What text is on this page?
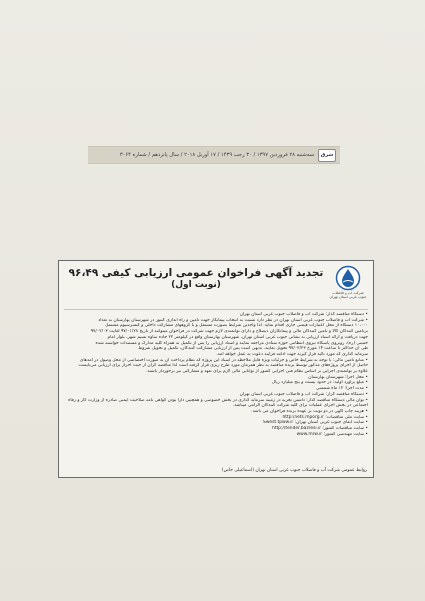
شرق
سه‌شنبه ۲۸ فروردین ۱۳۹۷ / ۳۰ رجب ۱۴۳۹ / ۱۷ آوریل ۲۰۱۸ / سال پانزدهم / شماره ۳۰۶۴
شرکت آب و فاضلاب جنوب غربی استان تهران
تجدید آگهی فراخوان عمومی ارزیابی کیفی ۹۶،۴۹
(نوبت اول)
• دستگاه مناقصه گذار: شرکت آب و فاضلاب جنوب غربی استان تهران
• شرکت آب و فاضلاب جنوب غربی استان تهران در نظر دارد نسبت به انتخاب پیمانکار جهت تامین و راه اندازی کنتور در شهرستان بهارستان به تعداد
۱۰،۰۰۰ دستگاه از محل اعتبارات قیمتی جاری اقدام نماید. لذا واجدین شرایط بصورت مستقل و یا گروههای مشارکت داخلی و کنسرسیوم مشتمل
برتامین کنندگان کالا و تامین کنندگان مالی و پیمانکاران ذیصلاح و دارای توانمندی لازم جهت شرکت در فراخوان میتوانند از تاریخ ۹۷/۰۱/۲۸ لغایت ۹۷/۰۲/۰۳
جهت دریافت و ارائه اسناد ارزیابی به نشانی جنوب غربی استان تهران، شهرستان بهارستان واقع در کیلومتر ۲۲ جاده ساوه نسیم شهر، بلوار امام
خمینی (ره)، روبروی پاسگاه نیروی انتظامی حوزه ستادی مراجعه نمایند و اسناد ارزیابی را پس از تکمیل به همراه کلیه مدارک و مستندات خواسته شده
طی آن حداکثر تا ساعت ۱۴ مورخ ۹۷/۰۲/۲۳ تحویل نمایند. بدیهی است پس از ارزیابی مشارکت کنندگان، تکمیل و تحویل شروط
سرمایه گذاری که مورد تائید قرار گیرند جهت ادامه فرایند دعوت به عمل خواهد آمد.
• منابع تامین مالی: با توجه به شرایط خاص و جزئیات ویژه قابل ملاحظه در اسناد این پروژه که نظام پرداخت آن به صورت اختصاصی از محل وصول در آمدهای
حاصل از اجرای پروژه‌های مذکور توسط برنده مناقصه به نظر همزمان مورد طرح ریزی قرار گرفته است لذا مناقصه گران از حیث احراز برای ارزیابی می‌بایست
علاوه بر توانمندی اجرایی بر اساس نظام فنی اجرایی کشور از توانایی مالی لازم برای تعهد و مشارکتی نیز برخوردار باشند.
• محل اجرا: شهرستان بهارستان
• مبلغ برآورد اولیه: در حدود بیست و پنج میلیارد ریال
• مدت اجرا: ۱۲ ماه شمسی
• دستگاه مناقصه گزار: شرکت آب و فاضلاب جنوب غربی استان تهران
• توان مالی دستگاه مناقصه گذار: داشتن تجربه در زمینه سرمایه گذاری در بخش خصوصی و همچنین دارا بودن گواهی نامه صلاحیت ایمنی صادره از وزارت کار و رفاه
اجتماعی در بخش اجرای عملیات برای کلیه شرکت کنندگان الزامی میباشد.
• هزینه چاپ آگهی در دو نوبت بر عهده برنده فراخوان می باشد.
• سایت ملی مناقصات: http://iets.mporg.ir
• سایت آبفای جنوب غربی استان تهران: Swest.tpww.ir
• سایت مناقصات کشور: http://tender.bazresi.ir
• سایت مهندسی کشور: www.mrw.ir
روابط عمومی شرکت آب و فاضلاب جنوب غربی استان تهران (اسماعیلی خاص)
